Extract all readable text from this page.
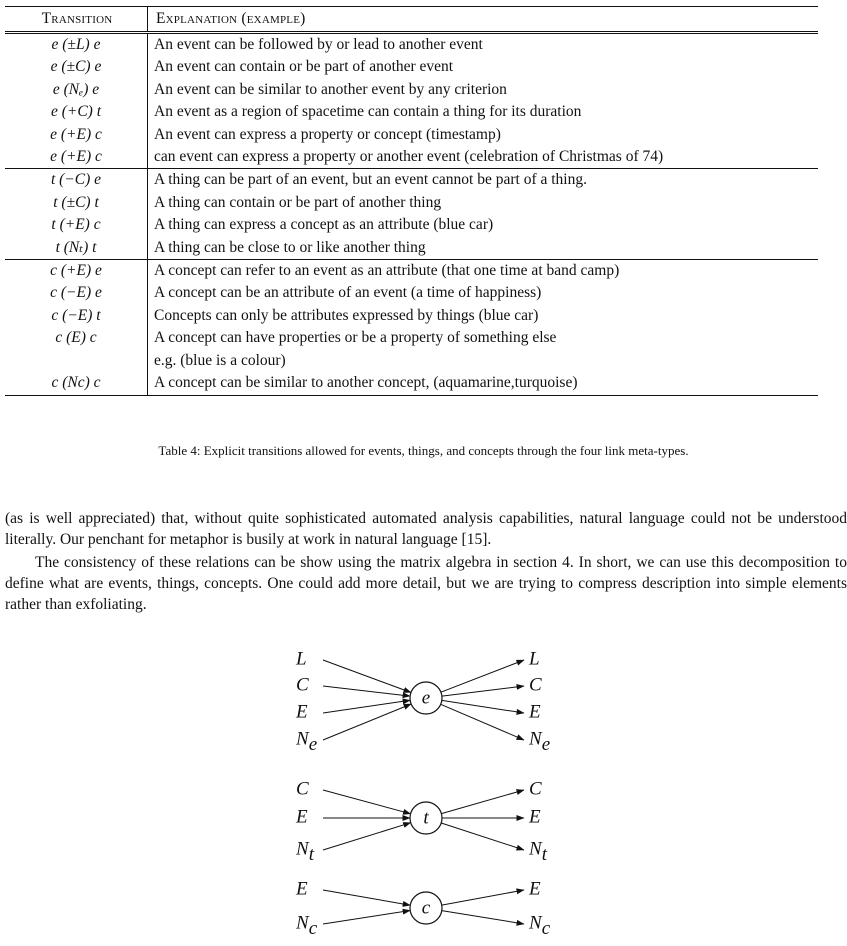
Transition	Explanation (example)
e (±L) e	An event can be followed by or lead to another event
e (±C) e	An event can contain or be part of another event
e (Nₑ) e	An event can be similar to another event by any criterion
e (+C) t	An event as a region of spacetime can contain a thing for its duration
e (+E) c	An event can express a property or concept (timestamp)
e (+E) c	can event can express a property or another event (celebration of Christmas of 74)
t (−C) e	A thing can be part of an event, but an event cannot be part of a thing.
t (±C) t	A thing can contain or be part of another thing
t (+E) c	A thing can express a concept as an attribute (blue car)
t (Nₜ) t	A thing can be close to or like another thing
c (+E) e	A concept can refer to an event as an attribute (that one time at band camp)
c (−E) e	A concept can be an attribute of an event (a time of happiness)
c (−E) t	Concepts can only be attributes expressed by things (blue car)
c (E) c	A concept can have properties or be a property of something else
	e.g. (blue is a colour)
c (Nc) c	A concept can be similar to another concept, (aquamarine,turquoise)
Table 4: Explicit transitions allowed for events, things, and concepts through the four link meta-types.
(as is well appreciated) that, without quite sophisticated automated analysis capabilities, natural language could not be understood literally. Our penchant for metaphor is busily at work in natural language [15].
The consistency of these relations can be show using the matrix algebra in section 4. In short, we can use this decomposition to define what are events, things, concepts. One could add more detail, but we are trying to compress description into simple elements rather than exfoliating.
L
C
E
Ne
L
C
E
Ne
e
C
E
Nt
C
E
Nt
t
E
Nc
E
Nc
c
